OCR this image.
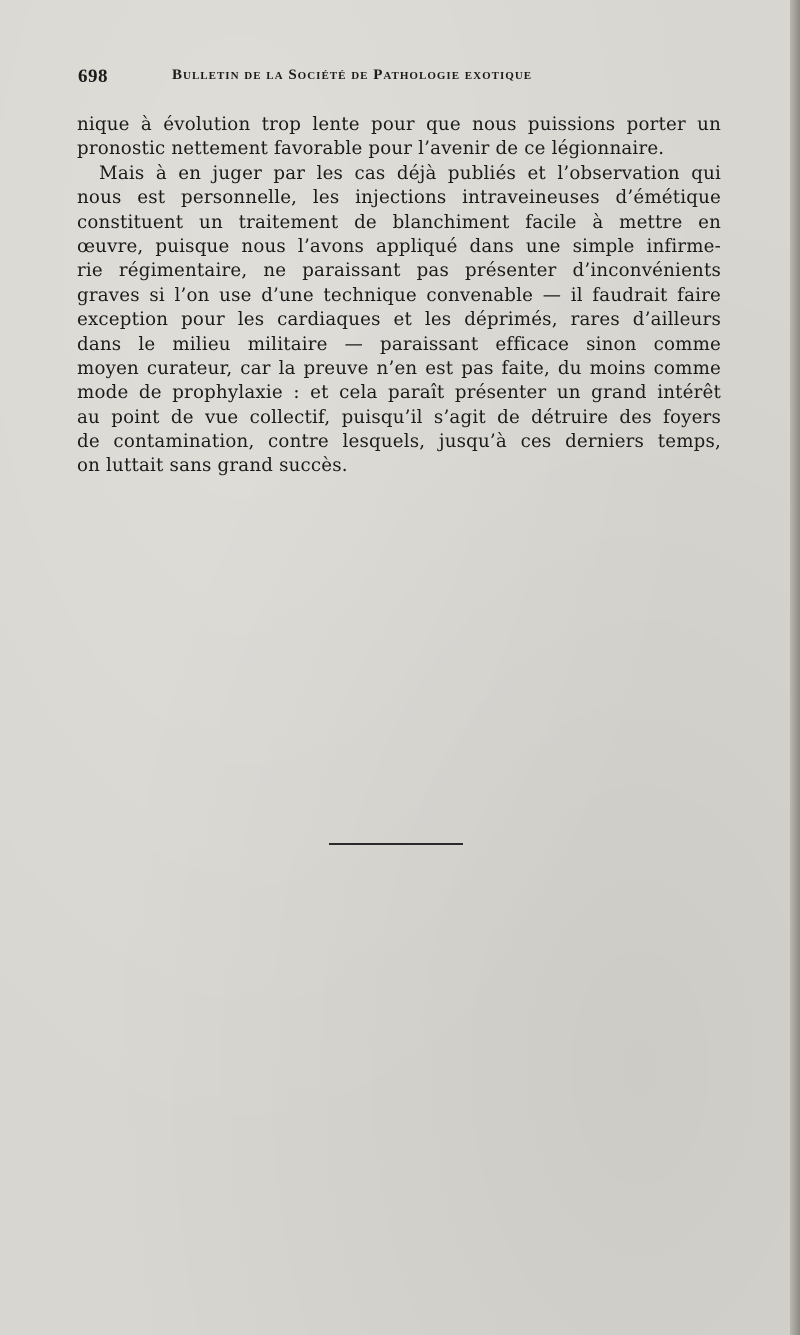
698	Bulletin de la Société de Pathologie exotique
nique à évolution trop lente pour que nous puissions porter un
pronostic nettement favorable pour l’avenir de ce légionnaire.
Mais à en juger par les cas déjà publiés et l’observation qui
nous est personnelle, les injections intraveineuses d’émétique
constituent un traitement de blanchiment facile à mettre en
œuvre, puisque nous l’avons appliqué dans une simple infirme-
rie régimentaire, ne paraissant pas présenter d’inconvénients
graves si l’on use d’une technique convenable — il faudrait faire
exception pour les cardiaques et les déprimés, rares d’ailleurs
dans le milieu militaire — paraissant efficace sinon comme
moyen curateur, car la preuve n’en est pas faite, du moins comme
mode de prophylaxie : et cela paraît présenter un grand intérêt
au point de vue collectif, puisqu’il s’agit de détruire des foyers
de contamination, contre lesquels, jusqu’à ces derniers temps,
on luttait sans grand succès.
